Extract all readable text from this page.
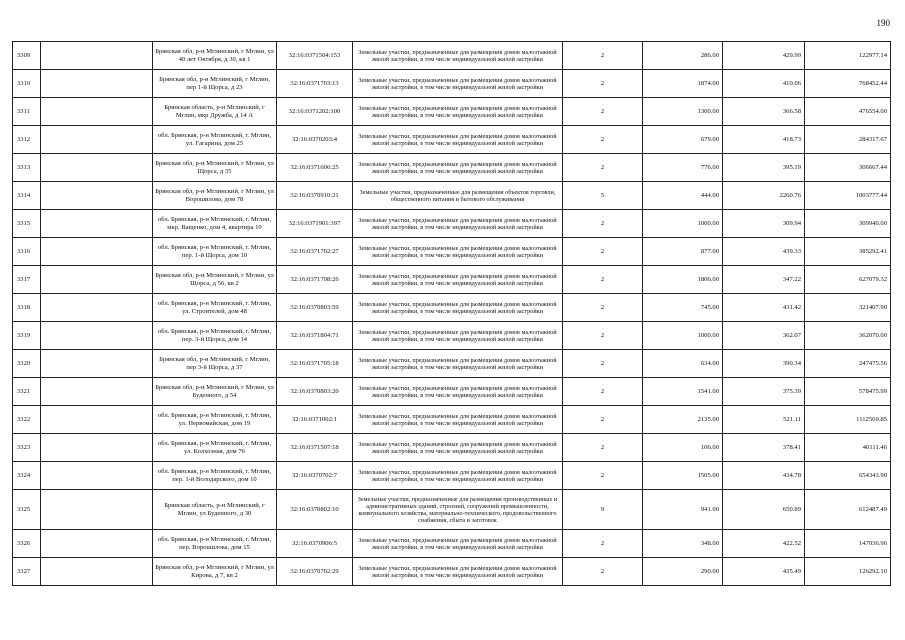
190
3309		Брянская обл, р-н Мглинский, г Мглин, ул 40 лет Октября, д 30, кв 1	32:16:0371504:153	Земельные участки, предназначенные для размещения домов малоэтажной жилой застройки, в том числе индивидуальной жилой застройки	2	286.00	429.99	122977.14
3310		Брянская обл, р-н Мглинский, г Мглин, пер 1-й Щорса, д 23	32:16:0371703:13	Земельные участки, предназначенные для размещения домов малоэтажной жилой застройки, в том числе индивидуальной жилой застройки	2	1874.00	410.06	768452.44
3311		Брянская область, р-н Мглинский, г Мглин, мкр Дружба, д 14 А	32:16:0371202:100	Земельные участки, предназначенные для размещения домов малоэтажной жилой застройки, в том числе индивидуальной жилой застройки	2	1300.00	366.58	476554.00
3312		обл. Брянская, р-н Мглинский, г. Мглин, ул. Гагарина, дом 25	32:16:0370203:4	Земельные участки, предназначенные для размещения домов малоэтажной жилой застройки, в том числе индивидуальной жилой застройки	2	679.00	418.73	284317.67
3313		Брянская обл, р-н Мглинский, г Мглин, ул Щорса, д 35	32:16:0371606:25	Земельные участки, предназначенные для размещения домов малоэтажной жилой застройки, в том числе индивидуальной жилой застройки	2	776.00	395.19	306667.44
3314		Брянская обл, р-н Мглинский, г Мглин, ул Ворошилова, дом 78	32:16:0370910:21	Земельные участки, предназначенные для размещения объектов торговли, общественного питания и бытового обслуживания	5	444.00	2260.76	1003777.44
3315		обл. Брянская, р-н Мглинский, г. Мглин, мкр. Ващенко, дом 4, квартира 10	32:16:0371901:397	Земельные участки, предназначенные для размещения домов малоэтажной жилой застройки, в том числе индивидуальной жилой застройки	2	1000.00	309.94	309940.00
3316		обл. Брянская, р-н Мглинский, г. Мглин, пер. 1-й Щорса, дом 10	32:16:0371702:27	Земельные участки, предназначенные для размещения домов малоэтажной жилой застройки, в том числе индивидуальной жилой застройки	2	877.00	439.33	385292.41
3317		Брянская обл, р-н Мглинский, г Мглин, ул Щорса, д 56, кв 2	32:16:0371708:26	Земельные участки, предназначенные для размещения домов малоэтажной жилой застройки, в том числе индивидуальной жилой застройки	2	1806.00	347.22	627079.32
3318		обл. Брянская, р-н Мглинский, г. Мглин, ул. Строителей, дом 48	32:16:0370803:59	Земельные участки, предназначенные для размещения домов малоэтажной жилой застройки, в том числе индивидуальной жилой застройки	2	745.00	431.42	321407.90
3319		обл. Брянская, р-н Мглинский, г. Мглин, пер. 3-й Щорса, дом 14	32:16:0371804:71	Земельные участки, предназначенные для размещения домов малоэтажной жилой застройки, в том числе индивидуальной жилой застройки	2	1000.00	362.07	362070.00
3320		Брянская обл, р-н Мглинский, г Мглин, пер 3-й Щорса, д 37	32:16:0371705:18	Земельные участки, предназначенные для размещения домов малоэтажной жилой застройки, в том числе индивидуальной жилой застройки	2	634.00	390.34	247475.56
3321		Брянская обл, р-н Мглинский, г Мглин, ул Буденного, д 54	32:16:0370803:20	Земельные участки, предназначенные для размещения домов малоэтажной жилой застройки, в том числе индивидуальной жилой застройки	2	1541.00	375.39	578475.99
3322		обл. Брянская, р-н Мглинский, г. Мглин, ул. Первомайская, дом 19	32:16:0371002:1	Земельные участки, предназначенные для размещения домов малоэтажной жилой застройки, в том числе индивидуальной жилой застройки	2	2135.00	521.11	1112569.85
3323		обл. Брянская, р-н Мглинский, г. Мглин, ул. Колхозная, дом 76	32:16:0371507:18	Земельные участки, предназначенные для размещения домов малоэтажной жилой застройки, в том числе индивидуальной жилой застройки	2	106.00	378.41	40111.46
3324		обл. Брянская, р-н Мглинский, г. Мглин, пер. 1-й Володарского, дом 10	32:16:0370702:7	Земельные участки, предназначенные для размещения домов малоэтажной жилой застройки, в том числе индивидуальной жилой застройки	2	1505.00	434.78	654343.90
3325		Брянская область, р-н Мглинский, г Мглин, ул Буденного, д 30	32:16:0370802:10	Земельные участки, предназначенные для размещения производственных и административных зданий, строений, сооружений промышленности, коммунального хозяйства, материально-технического, продовольственного снабжения, сбыта и заготовок	9	941.00	650.89	612487.49
3326		обл. Брянская, р-н Мглинский, г. Мглин, пер. Ворошилова, дом 15	32:16:0370906:5	Земельные участки, предназначенные для размещения домов малоэтажной жилой застройки, в том числе индивидуальной жилой застройки	2	348.00	422.52	147036.96
3327		Брянская обл, р-н Мглинский, г Мглин, ул Кирова, д 7, кв 2	32:16:0370702:29	Земельные участки, предназначенные для размещения домов малоэтажной жилой застройки, в том числе индивидуальной жилой застройки	2	290.00	435.49	126292.10
